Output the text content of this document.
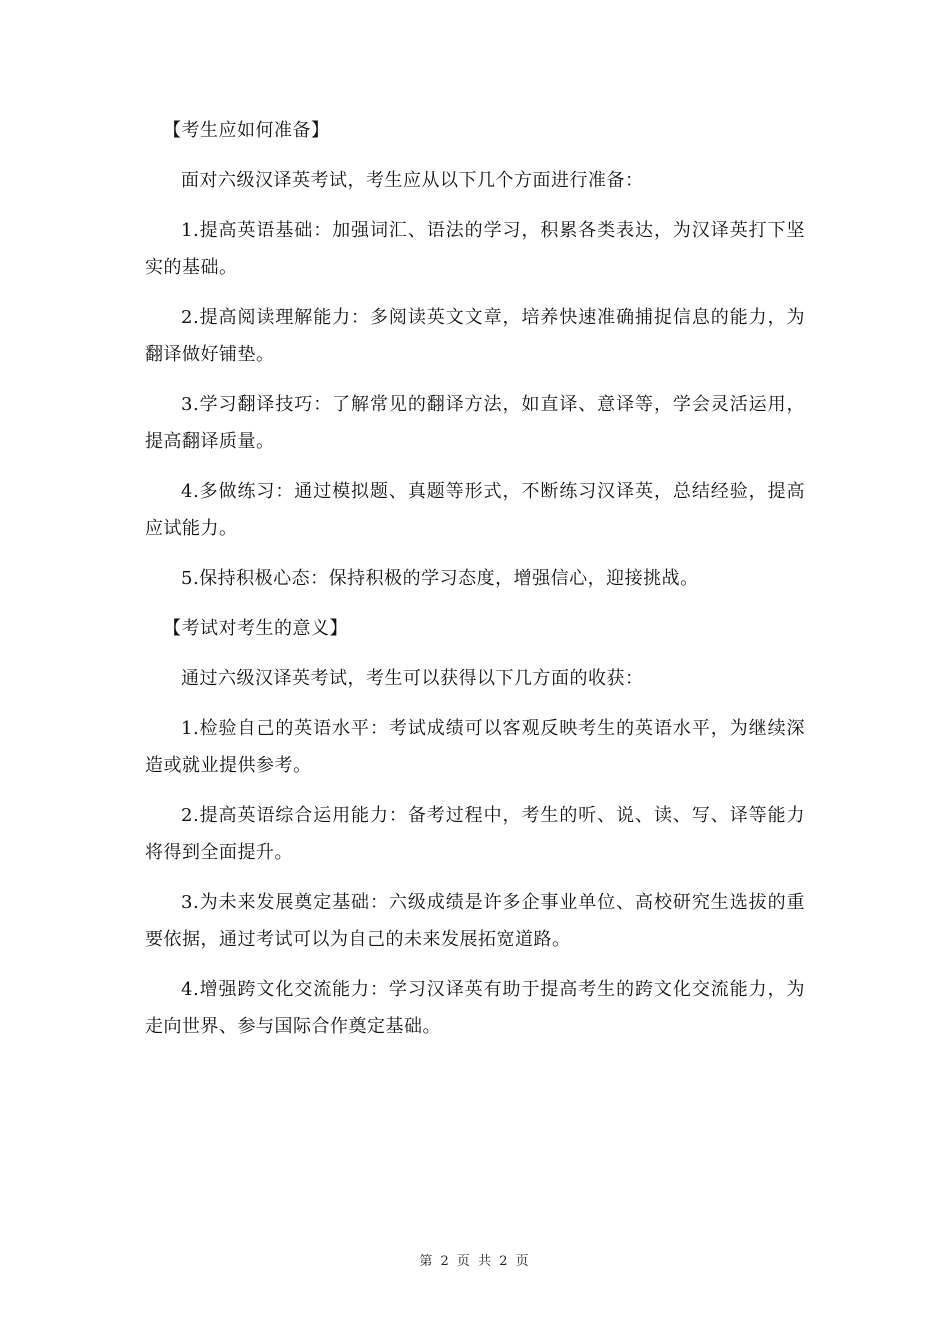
【考生应如何准备】

面对六级汉译英考试，考生应从以下几个方面进行准备：

1.提高英语基础：加强词汇、语法的学习，积累各类表达，为汉译英打下坚实的基础。

2.提高阅读理解能力：多阅读英文文章，培养快速准确捕捉信息的能力，为翻译做好铺垫。

3.学习翻译技巧：了解常见的翻译方法，如直译、意译等，学会灵活运用，提高翻译质量。

4.多做练习：通过模拟题、真题等形式，不断练习汉译英，总结经验，提高应试能力。

5.保持积极心态：保持积极的学习态度，增强信心，迎接挑战。

【考试对考生的意义】

通过六级汉译英考试，考生可以获得以下几方面的收获：

1.检验自己的英语水平：考试成绩可以客观反映考生的英语水平，为继续深造或就业提供参考。

2.提高英语综合运用能力：备考过程中，考生的听、说、读、写、译等能力将得到全面提升。

3.为未来发展奠定基础：六级成绩是许多企事业单位、高校研究生选拔的重要依据，通过考试可以为自己的未来发展拓宽道路。

4.增强跨文化交流能力：学习汉译英有助于提高考生的跨文化交流能力，为走向世界、参与国际合作奠定基础。

第 2 页 共 2 页
